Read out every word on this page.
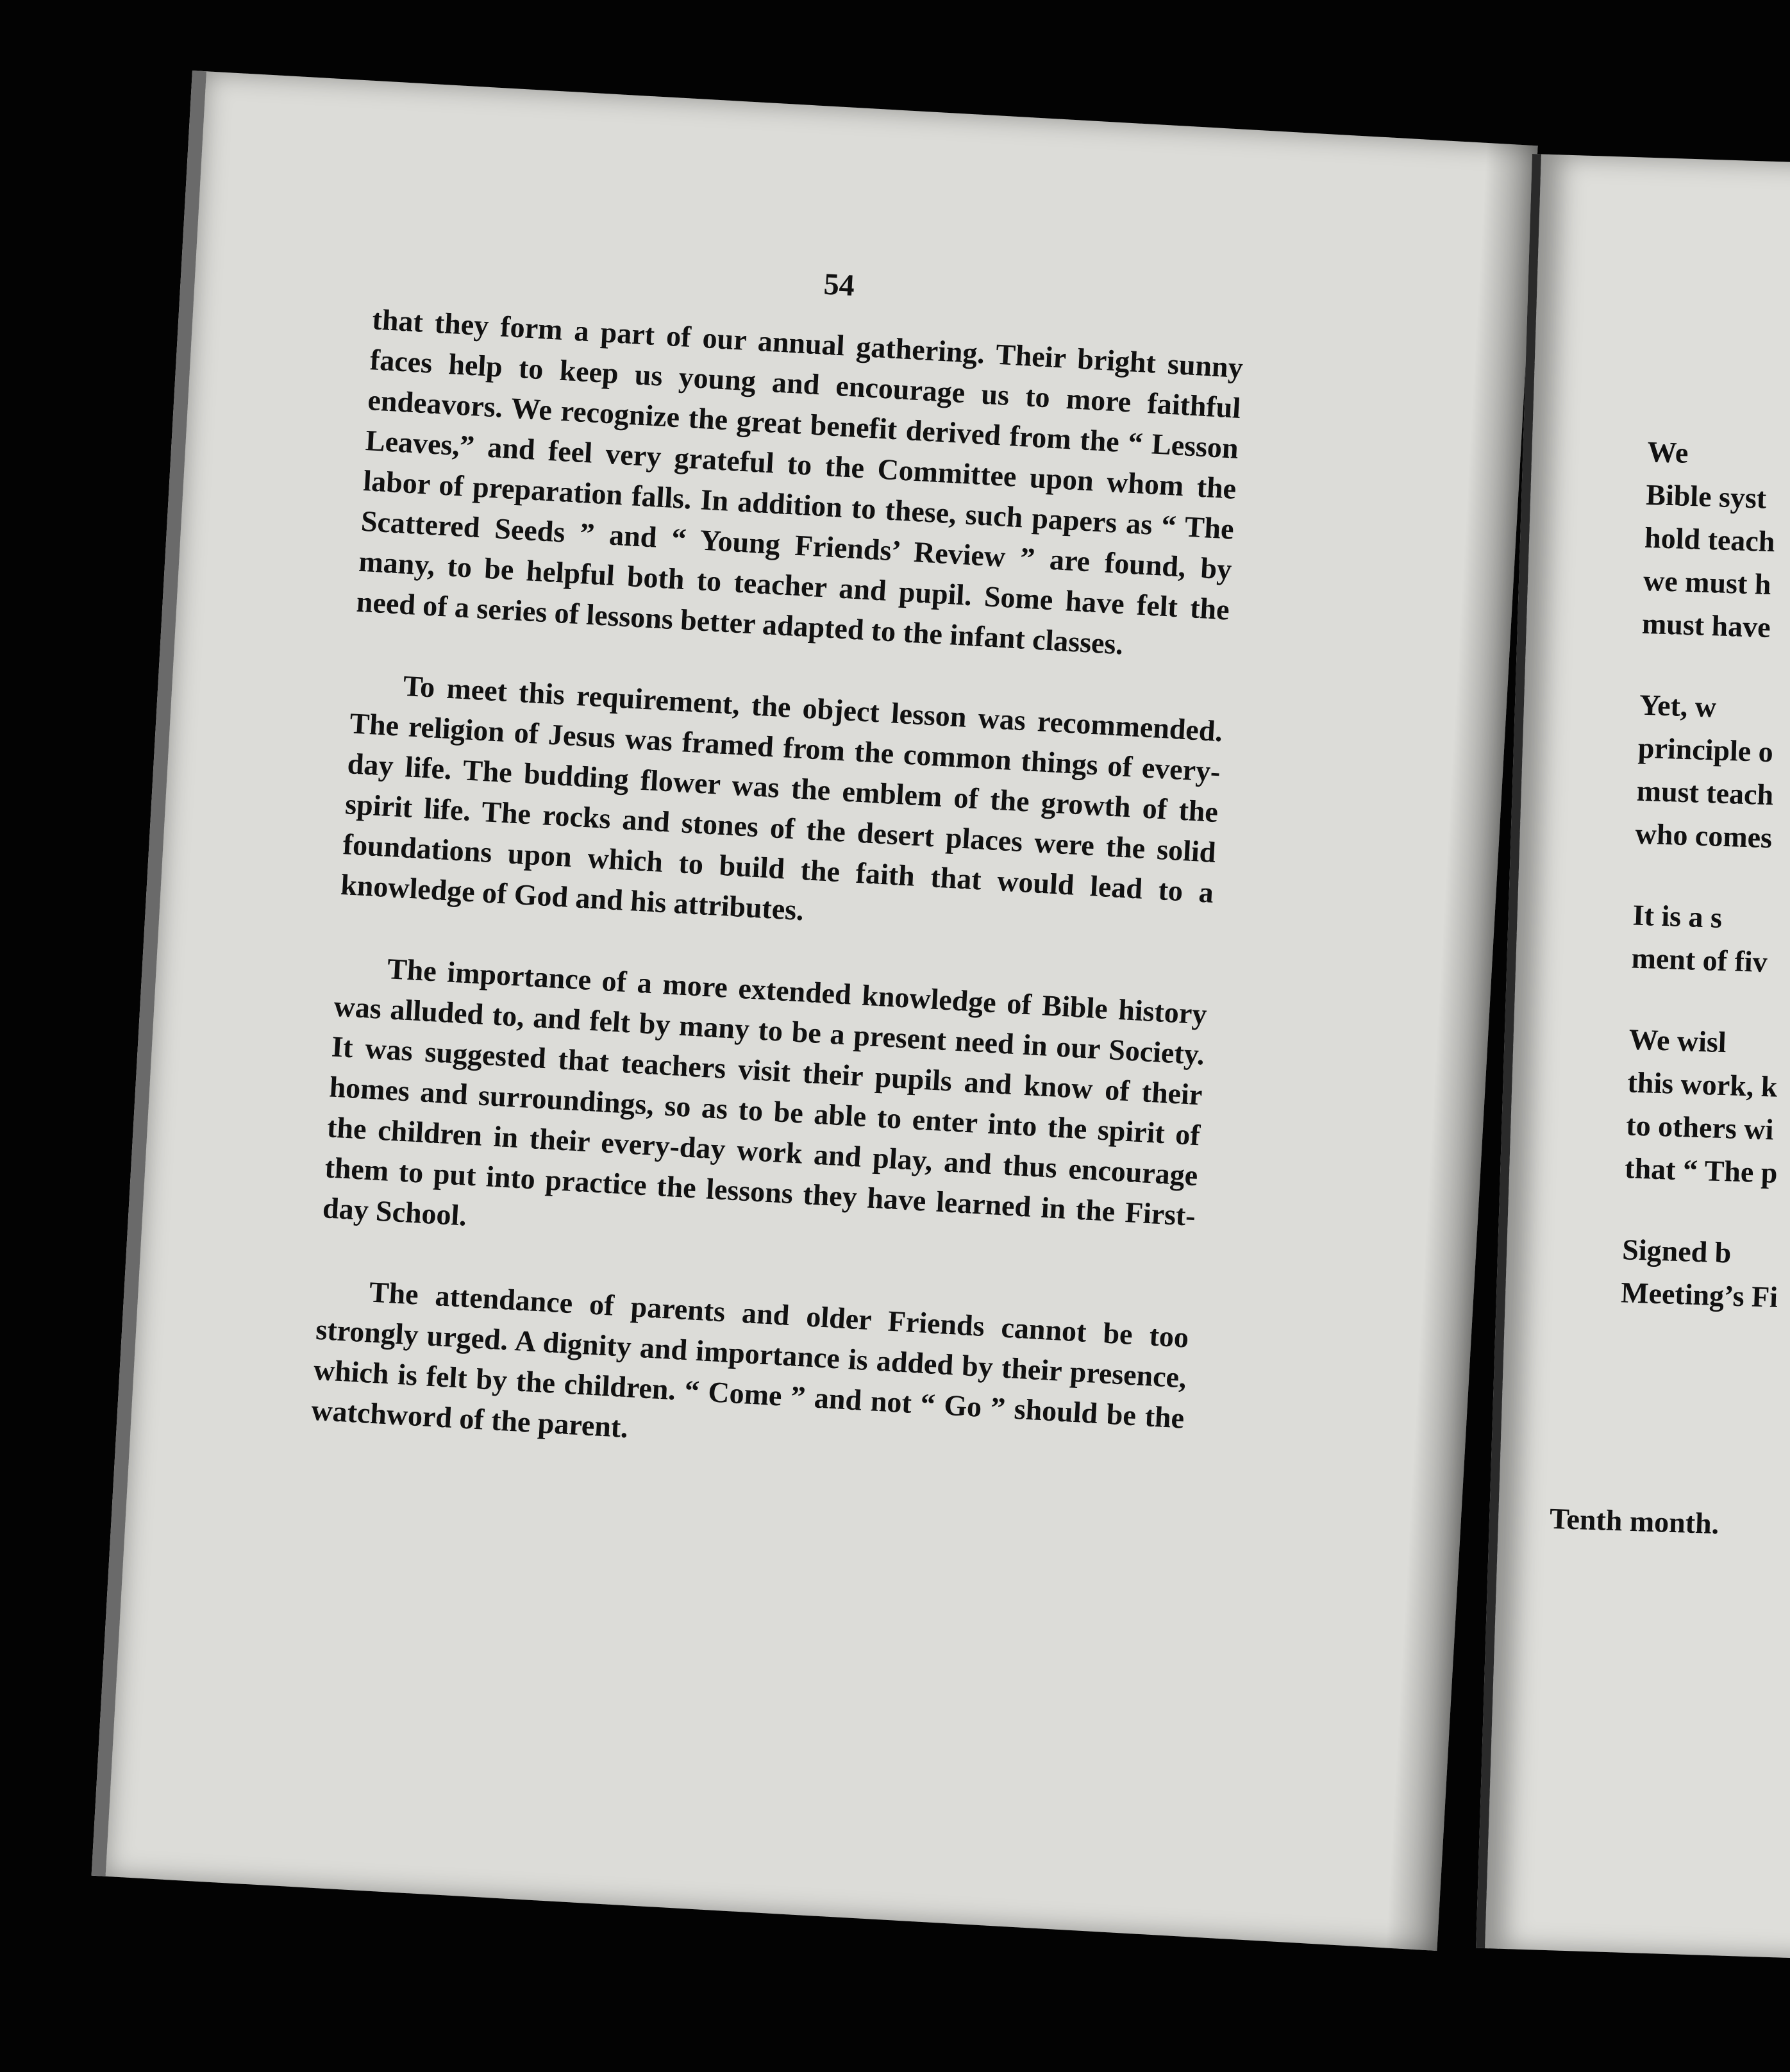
54

that they form a part of our annual gathering. Their bright sunny faces help to keep us young and encourage us to more faithful endeavors. We recognize the great benefit derived from the “ Lesson Leaves,” and feel very grateful to the Committee upon whom the labor of preparation falls. In addition to these, such papers as “ The Scattered Seeds ” and “ Young Friends’ Review ” are found, by many, to be helpful both to teacher and pupil. Some have felt the need of a series of lessons better adapted to the infant classes.

To meet this requirement, the object lesson was recommended. The religion of Jesus was framed from the common things of every-day life. The budding flower was the emblem of the growth of the spirit life. The rocks and stones of the desert places were the solid foundations upon which to build the faith that would lead to a knowledge of God and his attributes.

The importance of a more extended knowledge of Bible history was alluded to, and felt by many to be a present need in our Society. It was suggested that teachers visit their pupils and know of their homes and surroundings, so as to be able to enter into the spirit of the children in their every-day work and play, and thus encourage them to put into practice the lessons they have learned in the First-day School.

The attendance of parents and older Friends cannot be too strongly urged. A dignity and importance is added by their presence, which is felt by the children. “ Come ” and not “ Go ” should be the watchword of the parent.

We
Bible syst
hold teach
we must h
must have
Yet, w
principle o
must teach
who comes
It is a s
ment of fiv
We wisl
this work, k
to others wi
that “ The p
Signed b
Meeting’s Fi
Tenth month.
